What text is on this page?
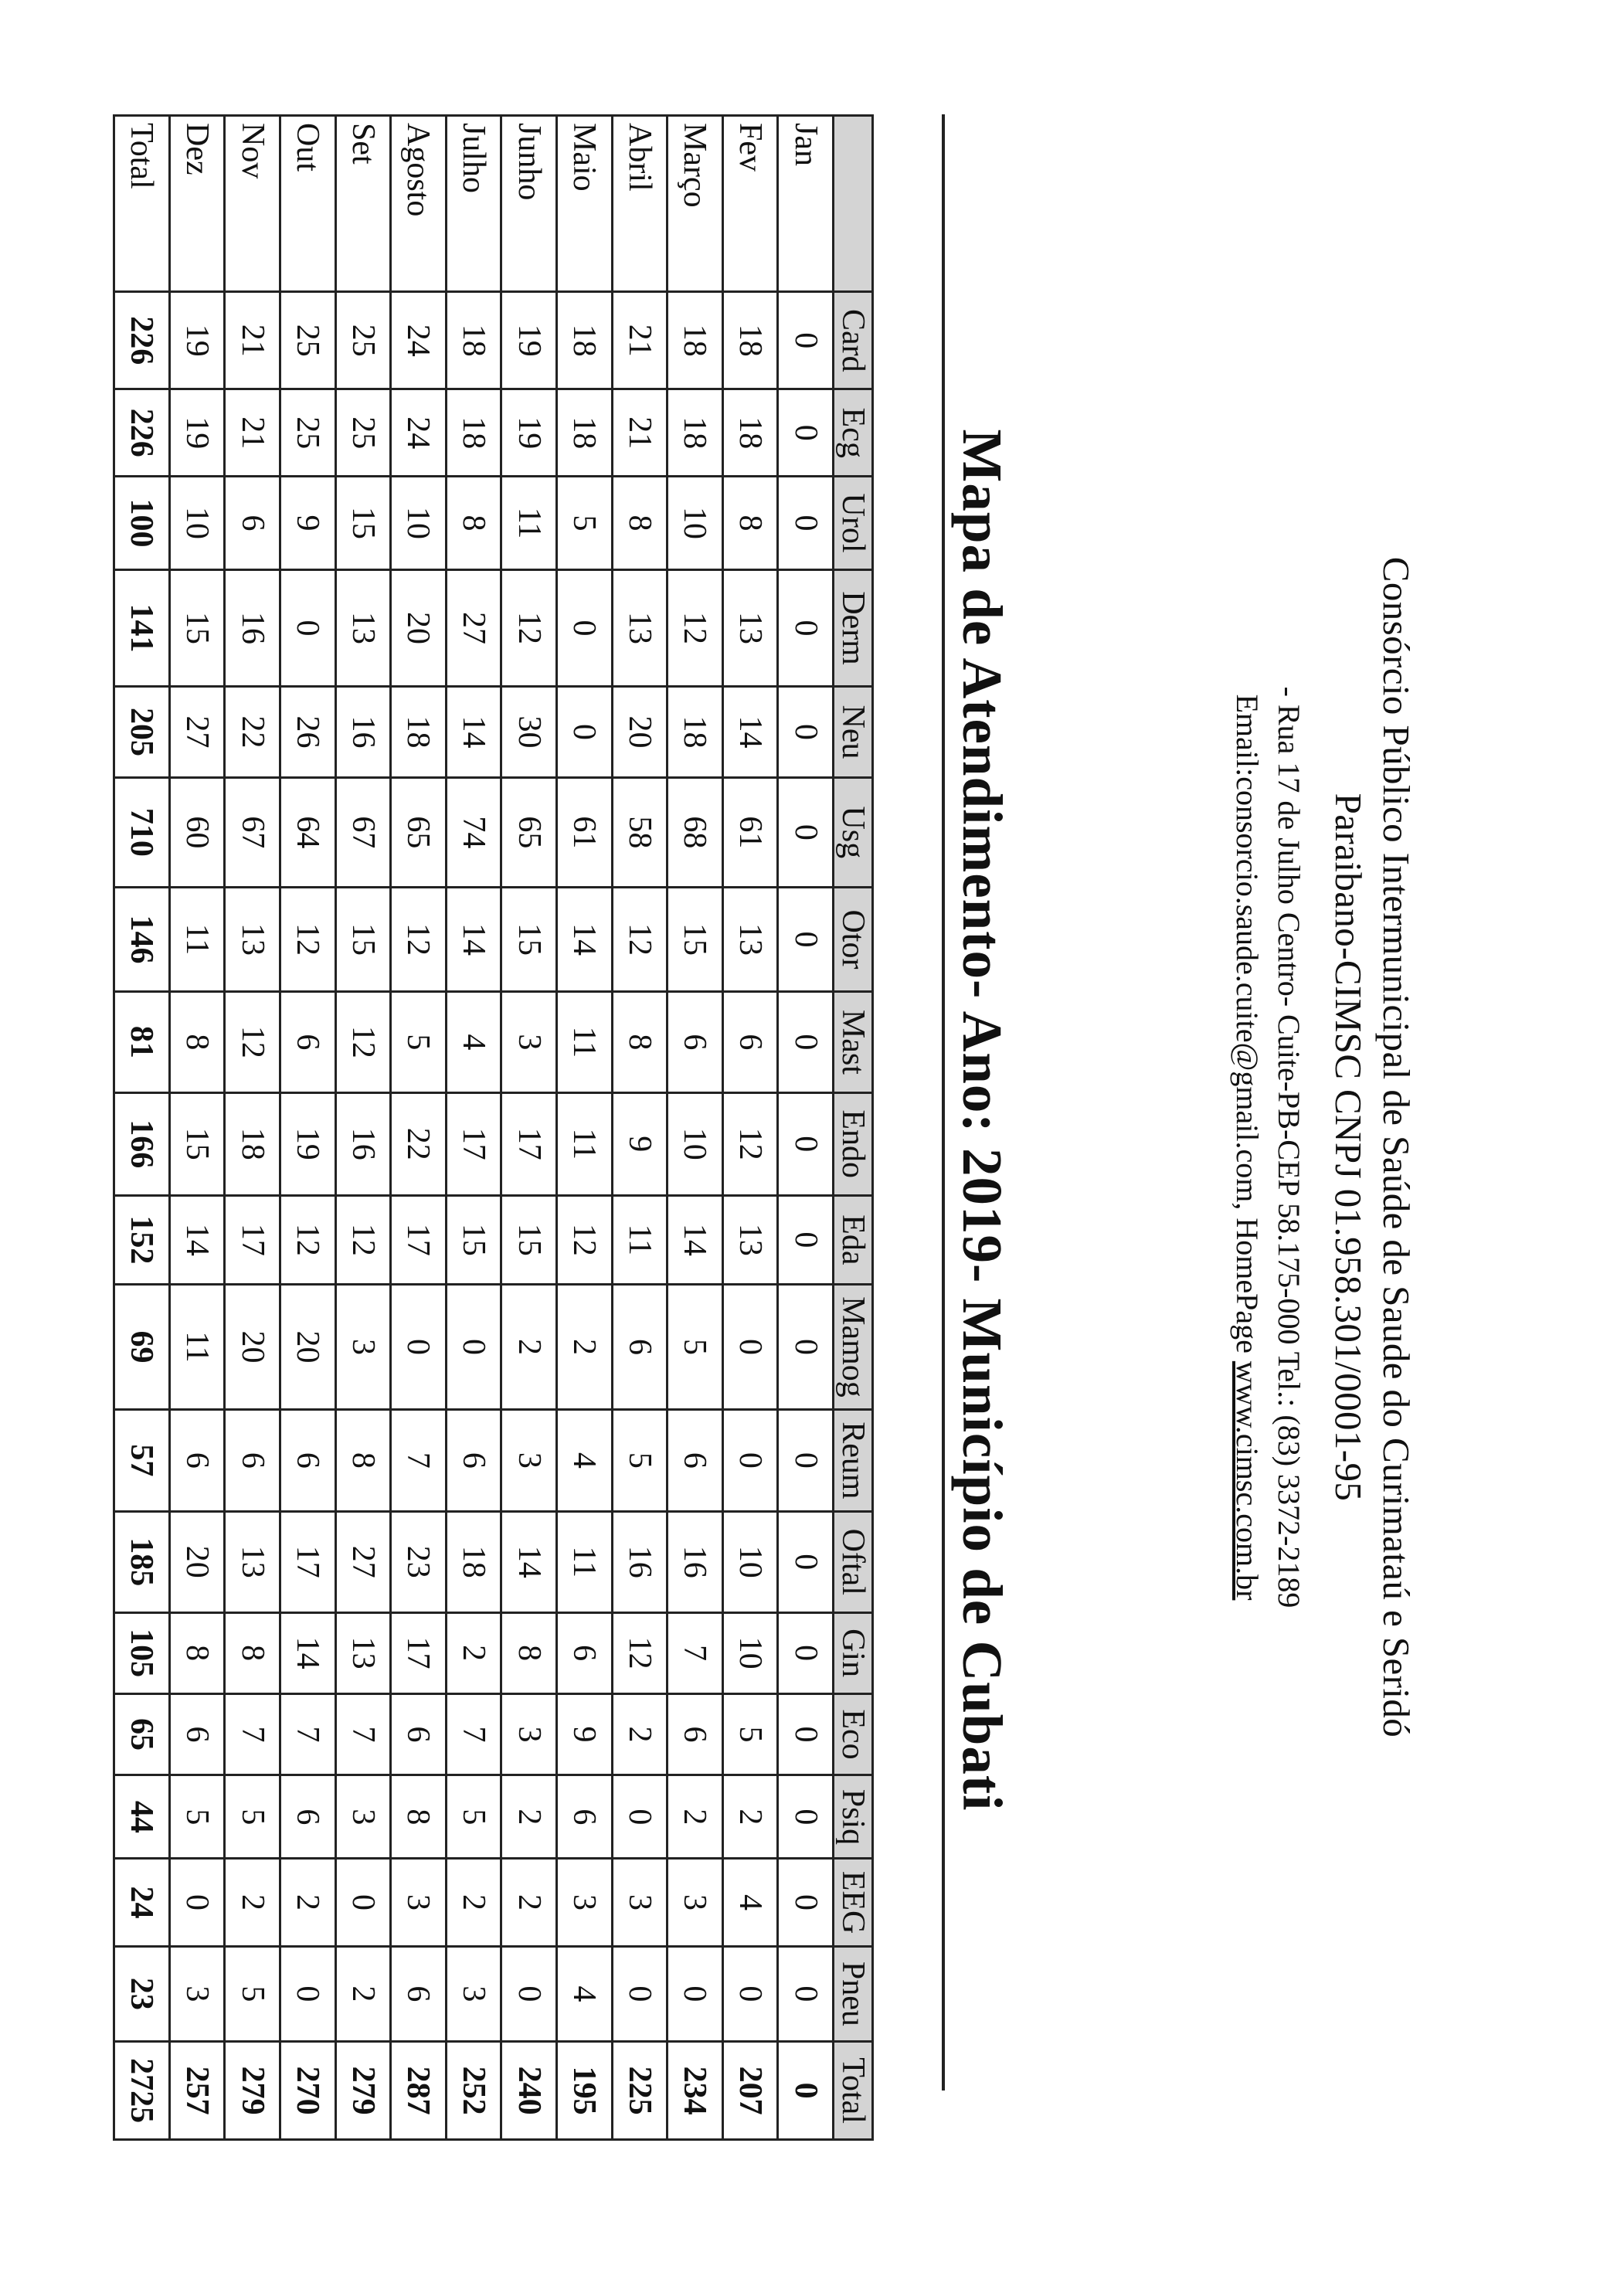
Consórcio Público Intermunicipal de Saúde de Saude do Curimataú e Seridó
Paraibano-CIMSC CNPJ 01.958.301/0001-95
- Rua 17 de Julho Centro- Cuite-PB-CEP 58.175-000 Tel.: (83) 3372-2189
Email:consorcio.saude.cuite@gmail.com, HomePage www.cimsc.com.br
Mapa de Atendimento- Ano: 2019- Município de Cubati
	Card	Ecg	Urol	Derm	Neu	Usg	Otor	Mast	Endo	Eda	Mamog	Reum	Oftal	Gin	Eco	Psiq	EEG	Pneu	Total
Jan	0	0	0	0	0	0	0	0	0	0	0	0	0	0	0	0	0	0	0
Fev	18	18	8	13	14	61	13	6	12	13	0	0	10	10	5	2	4	0	207
Março	18	18	10	12	18	68	15	6	10	14	5	6	16	7	6	2	3	0	234
Abril	21	21	8	13	20	58	12	8	9	11	6	5	16	12	2	0	3	0	225
Maio	18	18	5	0	0	61	14	11	11	12	2	4	11	6	9	6	3	4	195
Junho	19	19	11	12	30	65	15	3	17	15	2	3	14	8	3	2	2	0	240
Julho	18	18	8	27	14	74	14	4	17	15	0	6	18	2	7	5	2	3	252
Agosto	24	24	10	20	18	65	12	5	22	17	0	7	23	17	6	8	3	6	287
Set	25	25	15	13	16	67	15	12	16	12	3	8	27	13	7	3	0	2	279
Out	25	25	9	0	26	64	12	6	19	12	20	6	17	14	7	6	2	0	270
Nov	21	21	6	16	22	67	13	12	18	17	20	6	13	8	7	5	2	5	279
Dez	19	19	10	15	27	60	11	8	15	14	11	6	20	8	6	5	0	3	257
Total	226	226	100	141	205	710	146	81	166	152	69	57	185	105	65	44	24	23	2725
